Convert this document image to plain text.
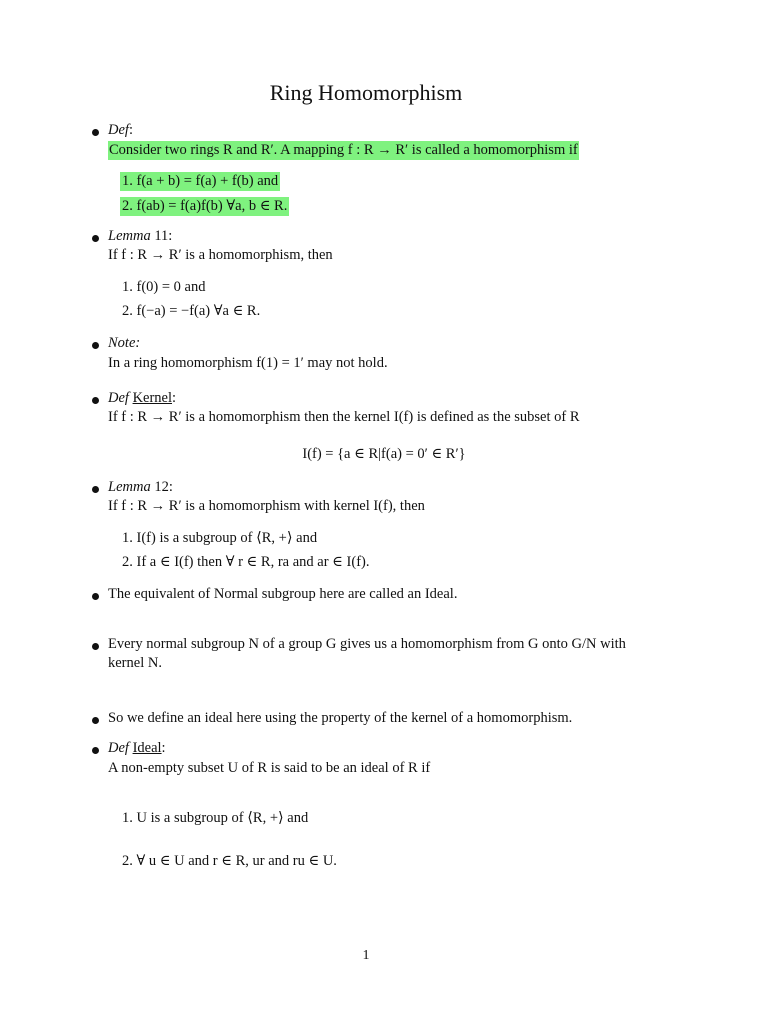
Ring Homomorphism
Def:
Consider two rings R and R′. A mapping f : R → R′ is called a homomorphism if
1. f(a + b) = f(a) + f(b) and
2. f(ab) = f(a)f(b) ∀a, b ∈ R.
Lemma 11:
If f : R → R′ is a homomorphism, then
1. f(0) = 0 and
2. f(−a) = −f(a) ∀a ∈ R.
Note:
In a ring homomorphism f(1) = 1′ may not hold.
Def Kernel:
If f : R → R′ is a homomorphism then the kernel I(f) is defined as the subset of R
I(f) = {a ∈ R|f(a) = 0′ ∈ R′}
Lemma 12:
If f : R → R′ is a homomorphism with kernel I(f), then
1. I(f) is a subgroup of ⟨R, +⟩ and
2. If a ∈ I(f) then ∀ r ∈ R, ra and ar ∈ I(f).
The equivalent of Normal subgroup here are called an Ideal.
Every normal subgroup N of a group G gives us a homomorphism from G onto G/N with
kernel N.
So we define an ideal here using the property of the kernel of a homomorphism.
Def Ideal:
A non-empty subset U of R is said to be an ideal of R if
1. U is a subgroup of ⟨R, +⟩ and
2. ∀ u ∈ U and r ∈ R, ur and ru ∈ U.
1
